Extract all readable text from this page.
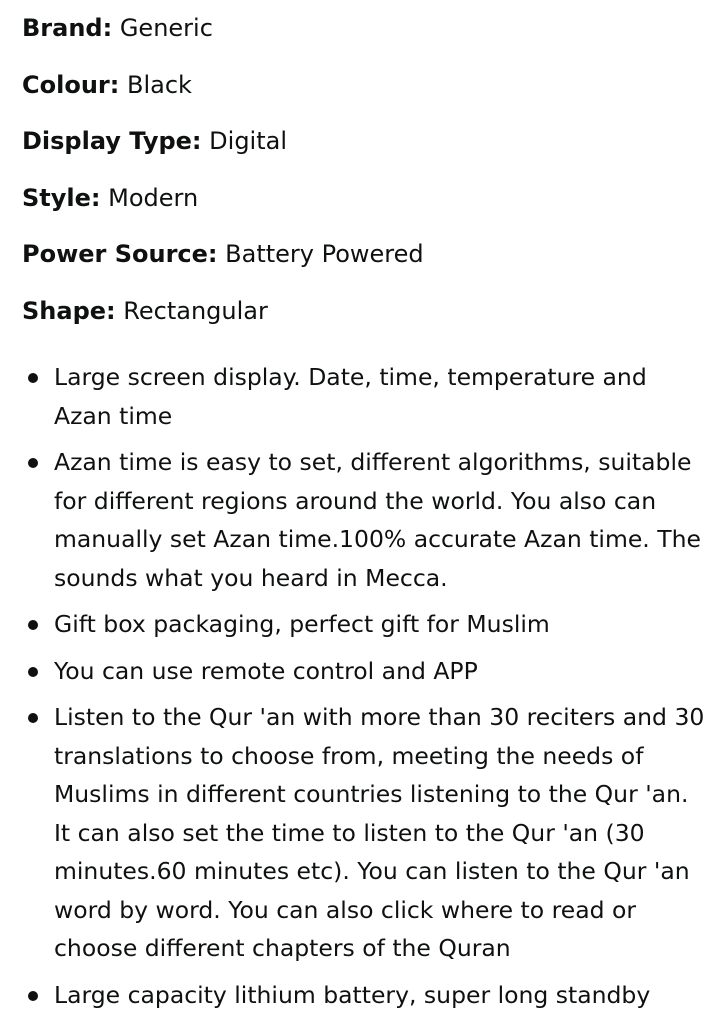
Brand: Generic
Colour: Black
Display Type: Digital
Style: Modern
Power Source: Battery Powered
Shape: Rectangular
Large screen display. Date, time, temperature and Azan time
Azan time is easy to set, different algorithms, suitable for different regions around the world. You also can manually set Azan time.100% accurate Azan time. The sounds what you heard in Mecca.
Gift box packaging, perfect gift for Muslim
You can use remote control and APP
Listen to the Qur 'an with more than 30 reciters and 30 translations to choose from, meeting the needs of Muslims in different countries listening to the Qur 'an. It can also set the time to listen to the Qur 'an (30 minutes.60 minutes etc). You can listen to the Qur 'an word by word. You can also click where to read or choose different chapters of the Quran
Large capacity lithium battery, super long standby
